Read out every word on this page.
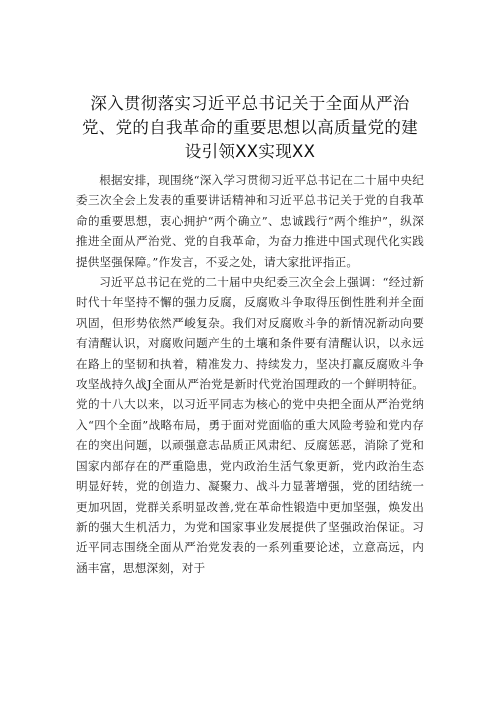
深入贯彻落实习近平总书记关于全面从严治
党、党的自我革命的重要思想以高质量党的建
设引领XX实现XX

根据安排，现围绕“深入学习贯彻习近平总书记在二十届中央纪委三次全会上发表的重要讲话精神和习近平总书记关于党的自我革命的重要思想，衷心拥护“两个确立”、忠诚践行“两个维护”，纵深推进全面从严治党、党的自我革命，为奋力推进中国式现代化实践提供坚强保障。”作发言，不妥之处，请大家批评指正。

习近平总书记在党的二十届中央纪委三次全会上强调：“经过新时代十年坚持不懈的强力反腐，反腐败斗争取得压倒性胜利并全面巩固，但形势依然严峻复杂。我们对反腐败斗争的新情况新动向要有清醒认识，对腐败问题产生的土壤和条件要有清醒认识，以永远在路上的坚韧和执着，精准发力、持续发力，坚决打赢反腐败斗争攻坚战持久战J全面从严治党是新时代党治国理政的一个鲜明特征。党的十八大以来，以习近平同志为核心的党中央把全面从严治党纳入“四个全面”战略布局，勇于面对党面临的重大风险考验和党内存在的突出问题，以顽强意志品质正风肃纪、反腐惩恶，消除了党和国家内部存在的严重隐患，党内政治生活气象更新，党内政治生态明显好转，党的创造力、凝聚力、战斗力显著增强，党的团结统一更加巩固，党群关系明显改善,党在革命性锻造中更加坚强，焕发出新的强大生机活力，为党和国家事业发展提供了坚强政治保证。习近平同志围绕全面从严治党发表的一系列重要论述，立意高远，内涵丰富，思想深刻，对于
